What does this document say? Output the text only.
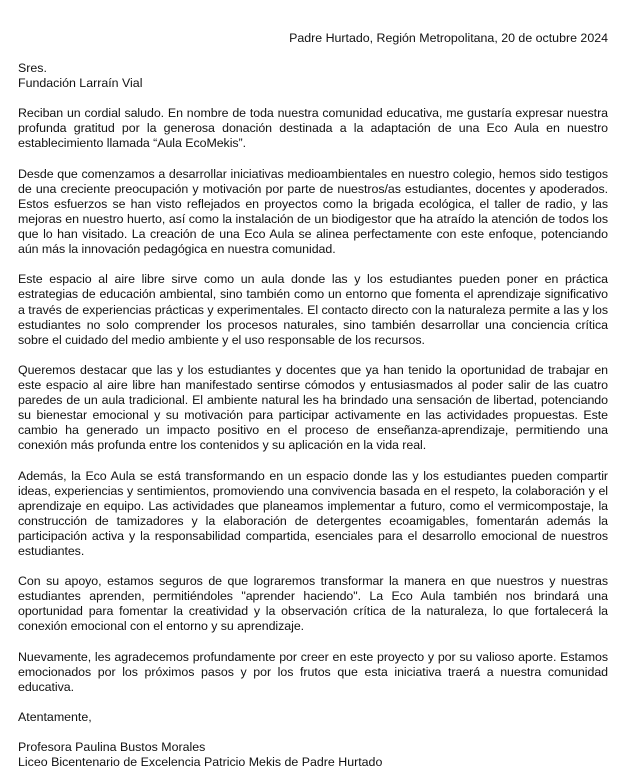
Padre Hurtado, Región Metropolitana, 20 de octubre 2024
Sres.
Fundación Larraín Vial

Reciban un cordial saludo. En nombre de toda nuestra comunidad educativa, me gustaría expresar nuestra profunda gratitud por la generosa donación destinada a la adaptación de una Eco Aula en nuestro establecimiento llamada “Aula EcoMekis”.

Desde que comenzamos a desarrollar iniciativas medioambientales en nuestro colegio, hemos sido testigos de una creciente preocupación y motivación por parte de nuestros/as estudiantes, docentes y apoderados. Estos esfuerzos se han visto reflejados en proyectos como la brigada ecológica, el taller de radio, y las mejoras en nuestro huerto, así como la instalación de un biodigestor que ha atraído la atención de todos los que lo han visitado. La creación de una Eco Aula se alinea perfectamente con este enfoque, potenciando aún más la innovación pedagógica en nuestra comunidad.

Este espacio al aire libre sirve como un aula donde las y los estudiantes pueden poner en práctica estrategias de educación ambiental, sino también como un entorno que fomenta el aprendizaje significativo a través de experiencias prácticas y experimentales. El contacto directo con la naturaleza permite a las y los estudiantes no solo comprender los procesos naturales, sino también desarrollar una conciencia crítica sobre el cuidado del medio ambiente y el uso responsable de los recursos.

Queremos destacar que las y los estudiantes y docentes que ya han tenido la oportunidad de trabajar en este espacio al aire libre han manifestado sentirse cómodos y entusiasmados al poder salir de las cuatro paredes de un aula tradicional. El ambiente natural les ha brindado una sensación de libertad, potenciando su bienestar emocional y su motivación para participar activamente en las actividades propuestas. Este cambio ha generado un impacto positivo en el proceso de enseñanza-aprendizaje, permitiendo una conexión más profunda entre los contenidos y su aplicación en la vida real.

Además, la Eco Aula se está transformando en un espacio donde las y los estudiantes pueden compartir ideas, experiencias y sentimientos, promoviendo una convivencia basada en el respeto, la colaboración y el aprendizaje en equipo. Las actividades que planeamos implementar a futuro, como el vermicompostaje, la construcción de tamizadores y la elaboración de detergentes ecoamigables, fomentarán además la participación activa y la responsabilidad compartida, esenciales para el desarrollo emocional de nuestros estudiantes.

Con su apoyo, estamos seguros de que lograremos transformar la manera en que nuestros y nuestras estudiantes aprenden, permitiéndoles "aprender haciendo". La Eco Aula también nos brindará una oportunidad para fomentar la creatividad y la observación crítica de la naturaleza, lo que fortalecerá la conexión emocional con el entorno y su aprendizaje.

Nuevamente, les agradecemos profundamente por creer en este proyecto y por su valioso aporte. Estamos emocionados por los próximos pasos y por los frutos que esta iniciativa traerá a nuestra comunidad educativa.

Atentamente,
Profesora Paulina Bustos Morales
Liceo Bicentenario de Excelencia Patricio Mekis de Padre Hurtado
